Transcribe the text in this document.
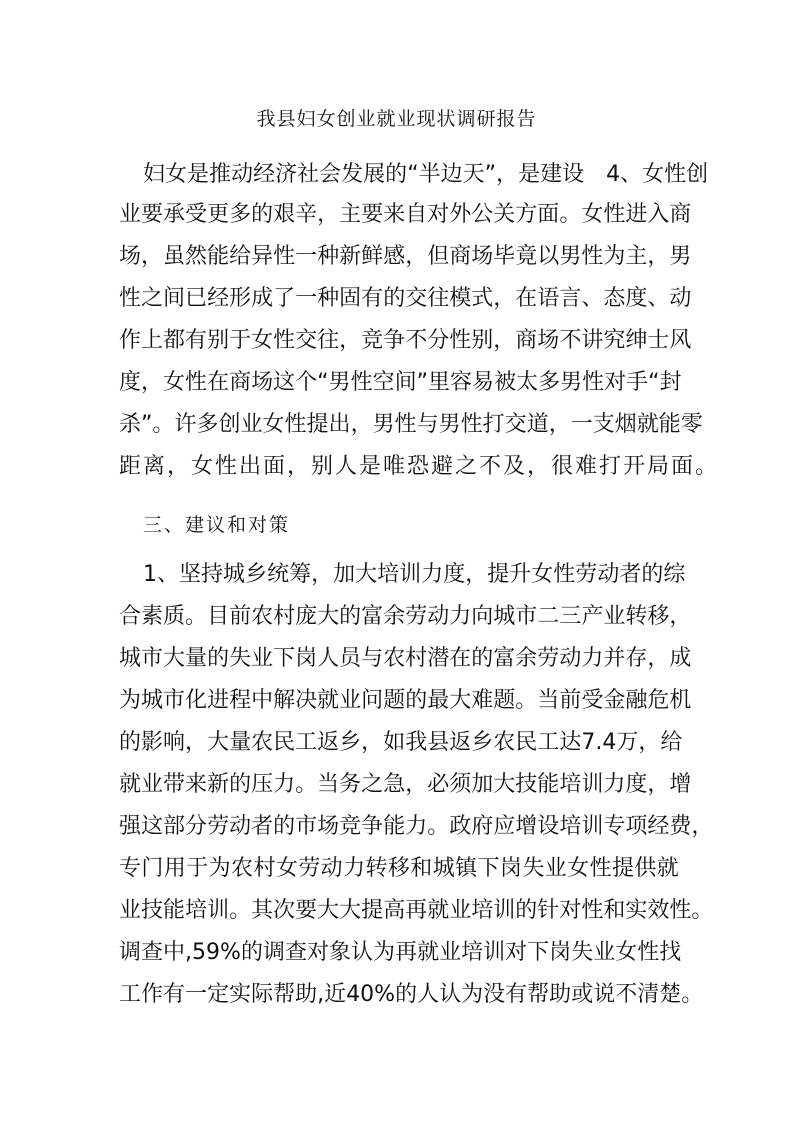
我县妇女创业就业现状调研报告
妇 女 是 推 动 经 济 社 会 发 展 的 “ 半 边 天 ” ， 是 建 设
　 4 、 女 性 创
业 要 承 受 更 多 的 艰 辛 ， 主 要 来 自 对 外 公 关 方 面 。 女 性 进 入 商
场 ， 虽 然 能 给 异 性 一 种 新 鲜 感 ， 但 商 场 毕 竟 以 男 性 为 主 ， 男
性 之 间 已 经 形 成 了 一 种 固 有 的 交 往 模 式 ， 在 语 言 、 态 度 、 动
作 上 都 有 别 于 女 性 交 往 ， 竞 争 不 分 性 别 ， 商 场 不 讲 究 绅 士 风
度 ， 女 性 在 商 场 这 个 “ 男 性 空 间 ” 里 容 易 被 太 多 男 性 对 手 “ 封
杀 ” 。 许 多 创 业 女 性 提 出 ， 男 性 与 男 性 打 交 道 ， 一 支 烟 就 能 零
距离，女性出面，别人是唯恐避之不及，很难打开局面。
三、建议和对策
1 、 坚 持 城 乡 统 筹 ， 加 大 培 训 力 度 ， 提 升 女 性 劳 动 者 的 综
合 素 质 。 目 前 农 村 庞 大 的 富 余 劳 动 力 向 城 市 二 三 产 业 转 移 ，
城 市 大 量 的 失 业 下 岗 人 员 与 农 村 潜 在 的 富 余 劳 动 力 并 存 ， 成
为 城 市 化 进 程 中 解 决 就 业 问 题 的 最 大 难 题 。 当 前 受 金 融 危 机
的 影 响 ， 大 量 农 民 工 返 乡 ， 如 我 县 返 乡 农 民 工 达 7 . 4 万 ， 给
就 业 带 来 新 的 压 力 。 当 务 之 急 ， 必 须 加 大 技 能 培 训 力 度 ， 增
强 这 部 分 劳 动 者 的 市 场 竞 争 能 力 。 政 府 应 增 设 培 训 专 项 经 费 ，
专 门 用 于 为 农 村 女 劳 动 力 转 移 和 城 镇 下 岗 失 业 女 性 提 供 就
业 技 能 培 训 。 其 次 要 大 大 提 高 再 就 业 培 训 的 针 对 性 和 实 效 性 。
调 查 中 , 5 9 % 的 调 查 对 象 认 为 再 就 业 培 训 对 下 岗 失 业 女 性 找
工 作 有 一 定 实 际 帮 助 , 近 4 0 % 的 人 认 为 没 有 帮 助 或 说 不 清 楚 。
